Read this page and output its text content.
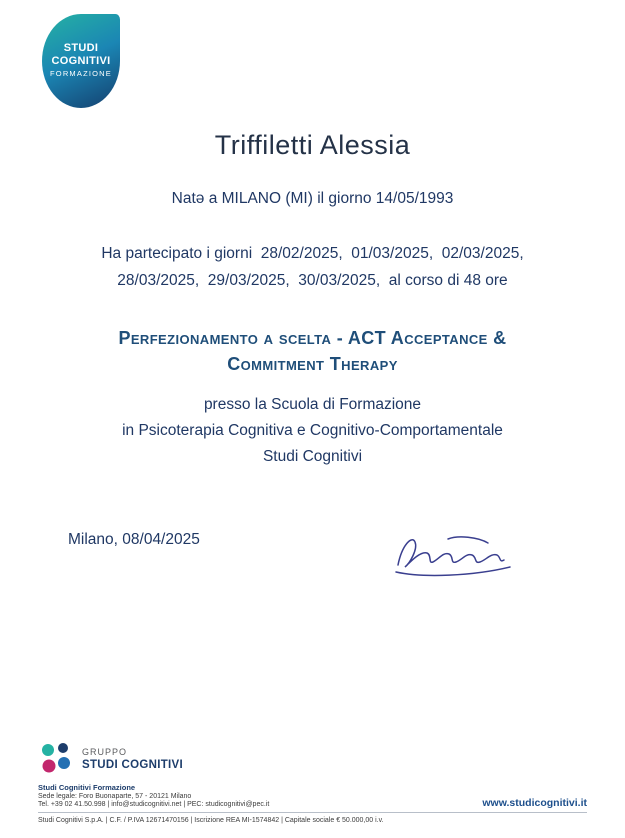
STUDI
COGNITIVI
FORMAZIONE
Triffiletti Alessia
Natə a MILANO (MI) il giorno 14/05/1993
Ha partecipato i giorni  28/02/2025,  01/03/2025,  02/03/2025,
28/03/2025,  29/03/2025,  30/03/2025,  al corso di 48 ore
Perfezionamento a scelta - ACT Acceptance &
Commitment Therapy
presso la Scuola di Formazione
in Psicoterapia Cognitiva e Cognitivo-Comportamentale
Studi Cognitivi
Milano, 08/04/2025
GRUPPO
STUDI COGNITIVI
Studi Cognitivi Formazione
Sede legale: Foro Buonaparte, 57 - 20121 Milano
Tel. +39 02 41.50.998 | info@studicognitivi.net | PEC: studicognitivi@pec.it
Studi Cognitivi S.p.A. | C.F. / P.IVA 12671470156 | Iscrizione REA MI-1574842 | Capitale sociale € 50.000,00 i.v.
www.studicognitivi.it
